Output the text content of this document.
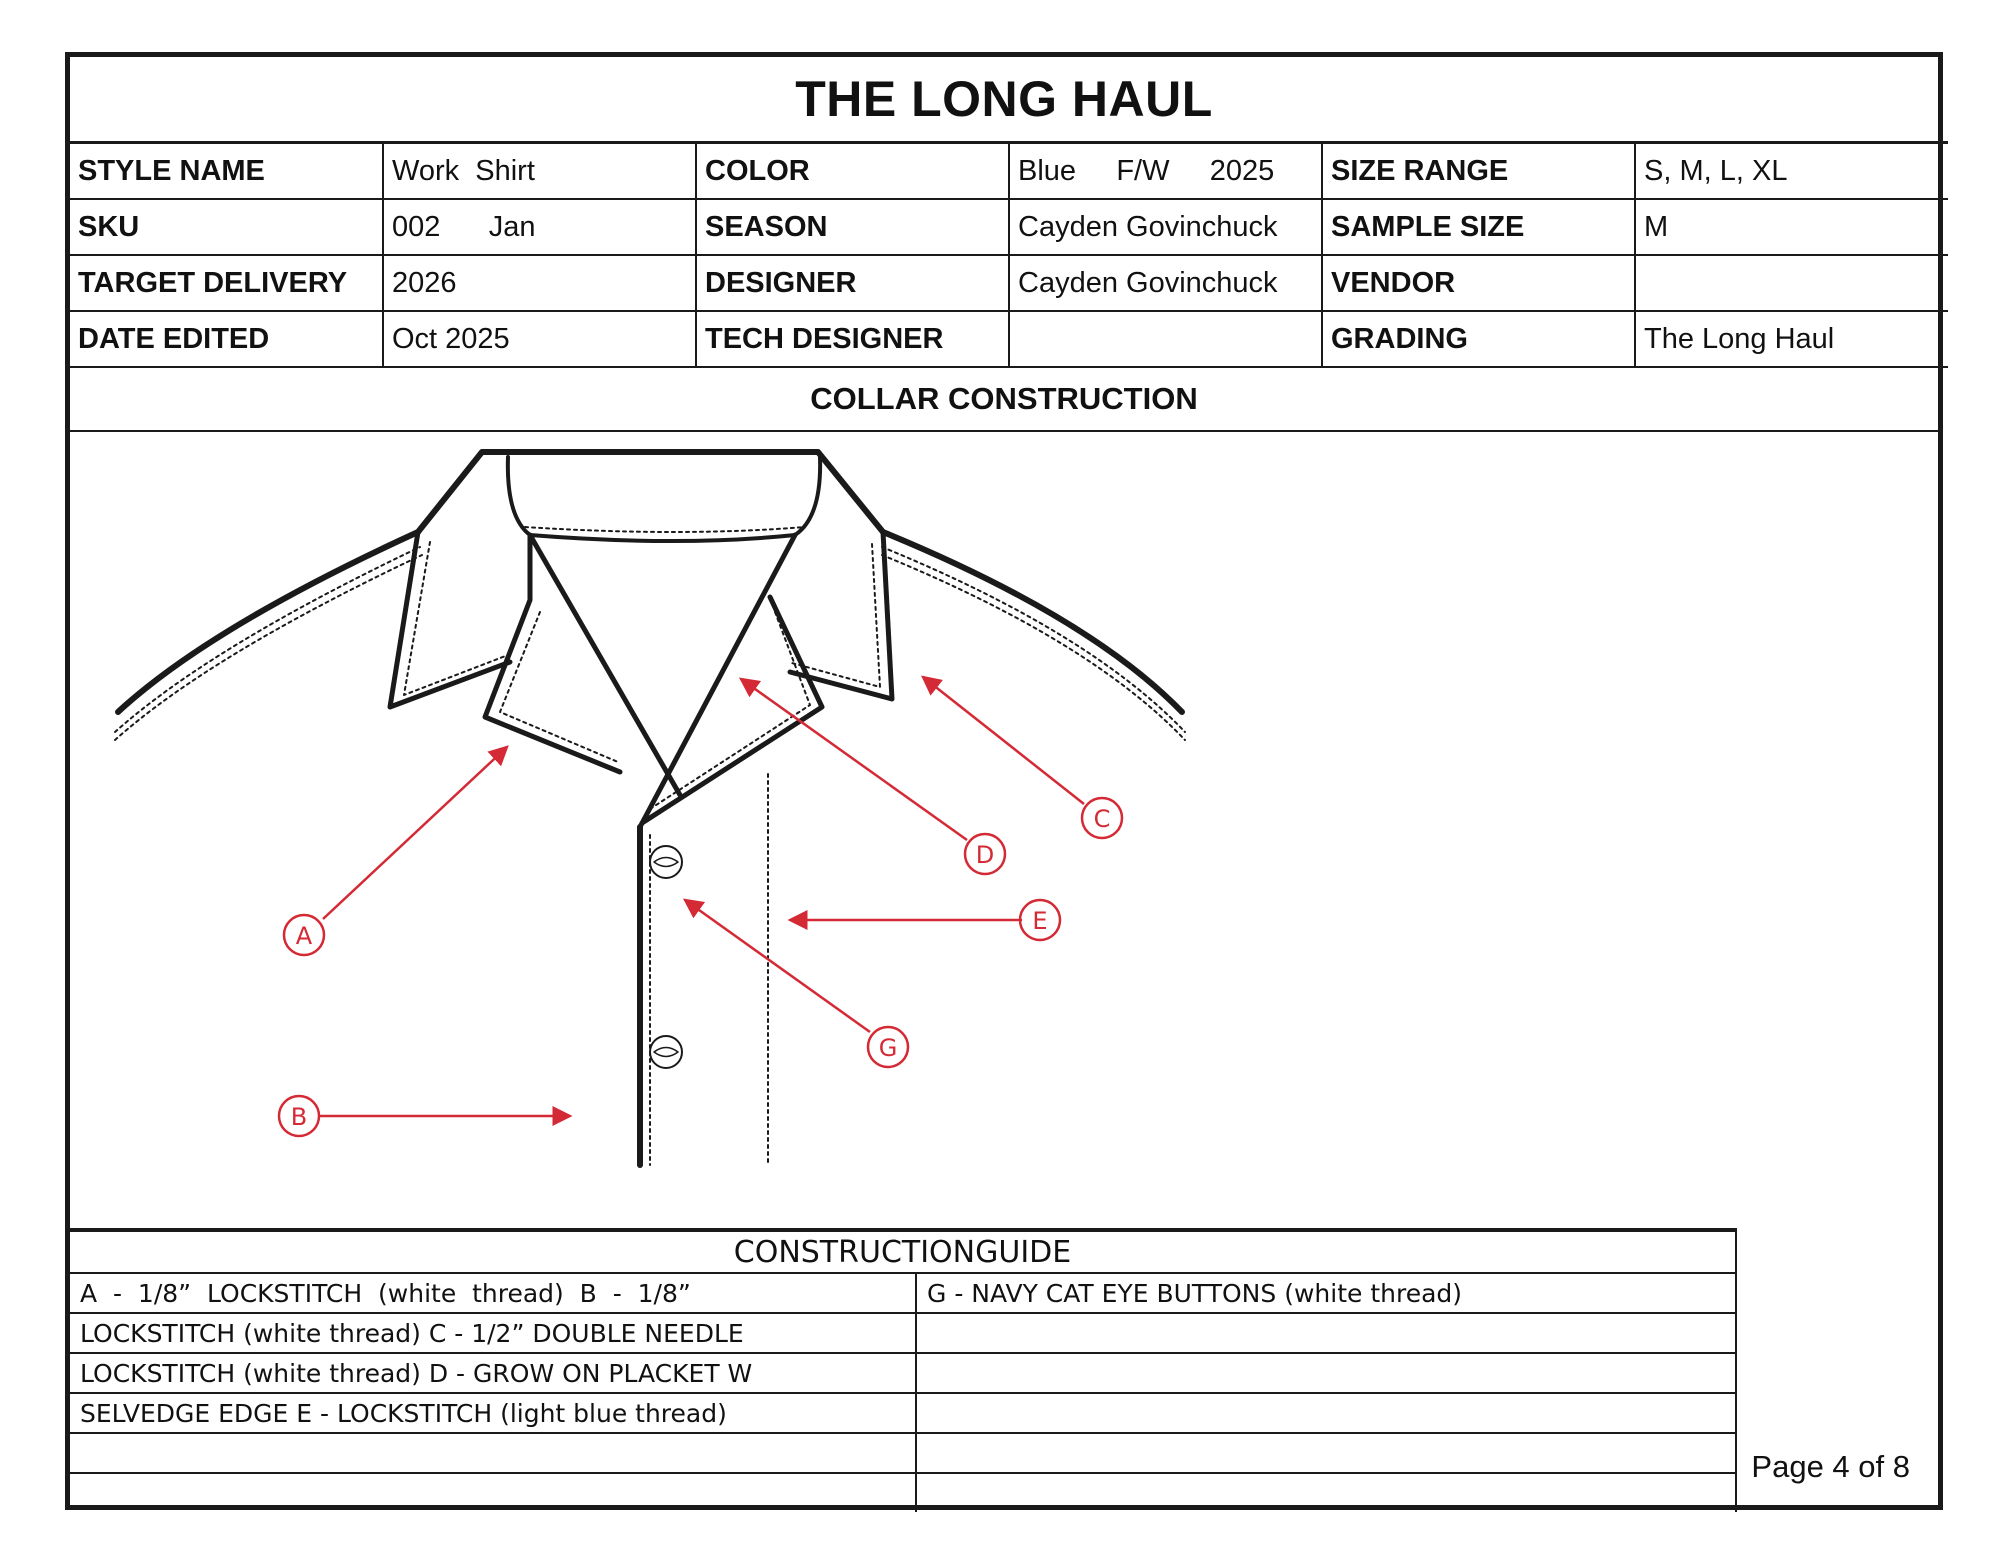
THE LONG HAUL
STYLE NAME	Work  Shirt	COLOR	Blue     F/W     2025	SIZE RANGE	S, M, L, XL
SKU	002      Jan	SEASON	Cayden Govinchuck	SAMPLE SIZE	M
TARGET DELIVERY	2026	DESIGNER	Cayden Govinchuck	VENDOR	
DATE EDITED	Oct 2025	TECH DESIGNER		GRADING	The Long Haul
COLLAR CONSTRUCTION
A
B
C
D
E
G
CONSTRUCTIONGUIDE	
A  -  1/8”  LOCKSTITCH  (white  thread)  B  -  1/8”	G - NAVY CAT EYE BUTTONS (white thread)
LOCKSTITCH (white thread) C - 1/2” DOUBLE NEEDLE	
LOCKSTITCH (white thread) D - GROW ON PLACKET W	
SELVEDGE EDGE E - LOCKSTITCH (light blue thread)	

Page 4 of 8
